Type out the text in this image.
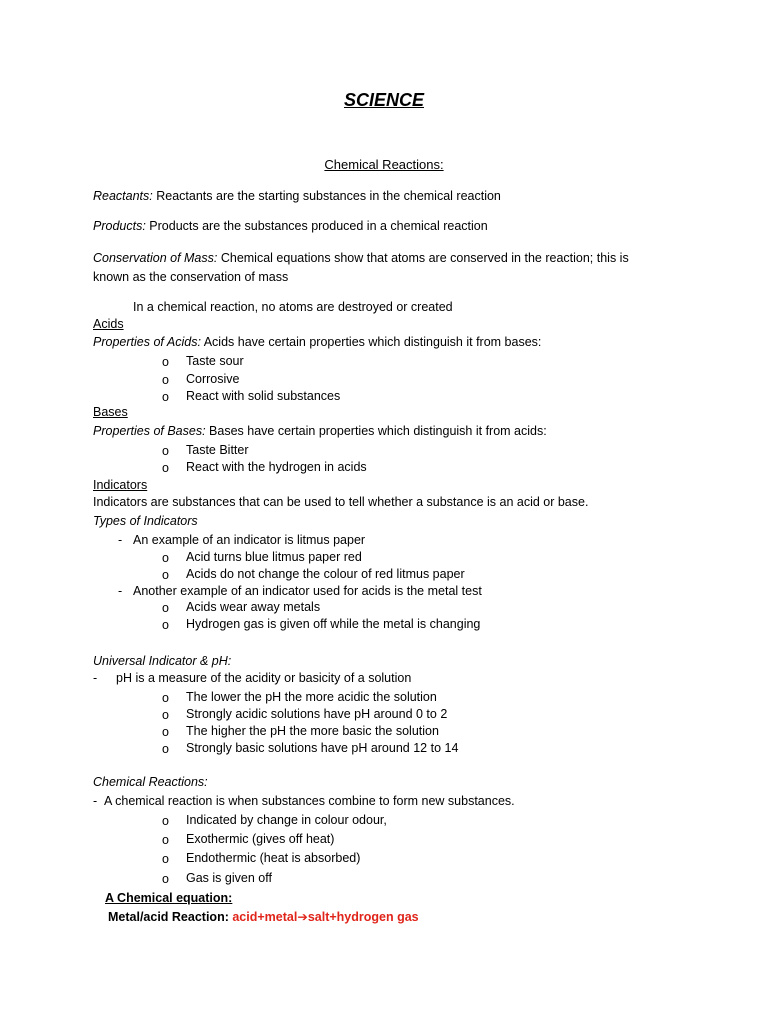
SCIENCE
Chemical Reactions:
Reactants: Reactants are the starting substances in the chemical reaction
Products: Products are the substances produced in a chemical reaction
Conservation of Mass: Chemical equations show that atoms are conserved in the reaction; this is
known as the conservation of mass
In a chemical reaction, no atoms are destroyed or created
Acids
Properties of Acids: Acids have certain properties which distinguish it from bases:
o Taste sour
o Corrosive
o React with solid substances
Bases
Properties of Bases: Bases have certain properties which distinguish it from acids:
o Taste Bitter
o React with the hydrogen in acids
Indicators
Indicators are substances that can be used to tell whether a substance is an acid or base.
Types of Indicators
- An example of an indicator is litmus paper
o Acid turns blue litmus paper red
o Acids do not change the colour of red litmus paper
- Another example of an indicator used for acids is the metal test
o Acids wear away metals
o Hydrogen gas is given off while the metal is changing
Universal Indicator & pH:
- pH is a measure of the acidity or basicity of a solution
o The lower the pH the more acidic the solution
o Strongly acidic solutions have pH around 0 to 2
o The higher the pH the more basic the solution
o Strongly basic solutions have pH around 12 to 14
Chemical Reactions:
- A chemical reaction is when substances combine to form new substances.
o Indicated by change in colour odour,
o Exothermic (gives off heat)
o Endothermic (heat is absorbed)
o Gas is given off
A Chemical equation:
Metal/acid Reaction: acid+metal➔salt+hydrogen gas
